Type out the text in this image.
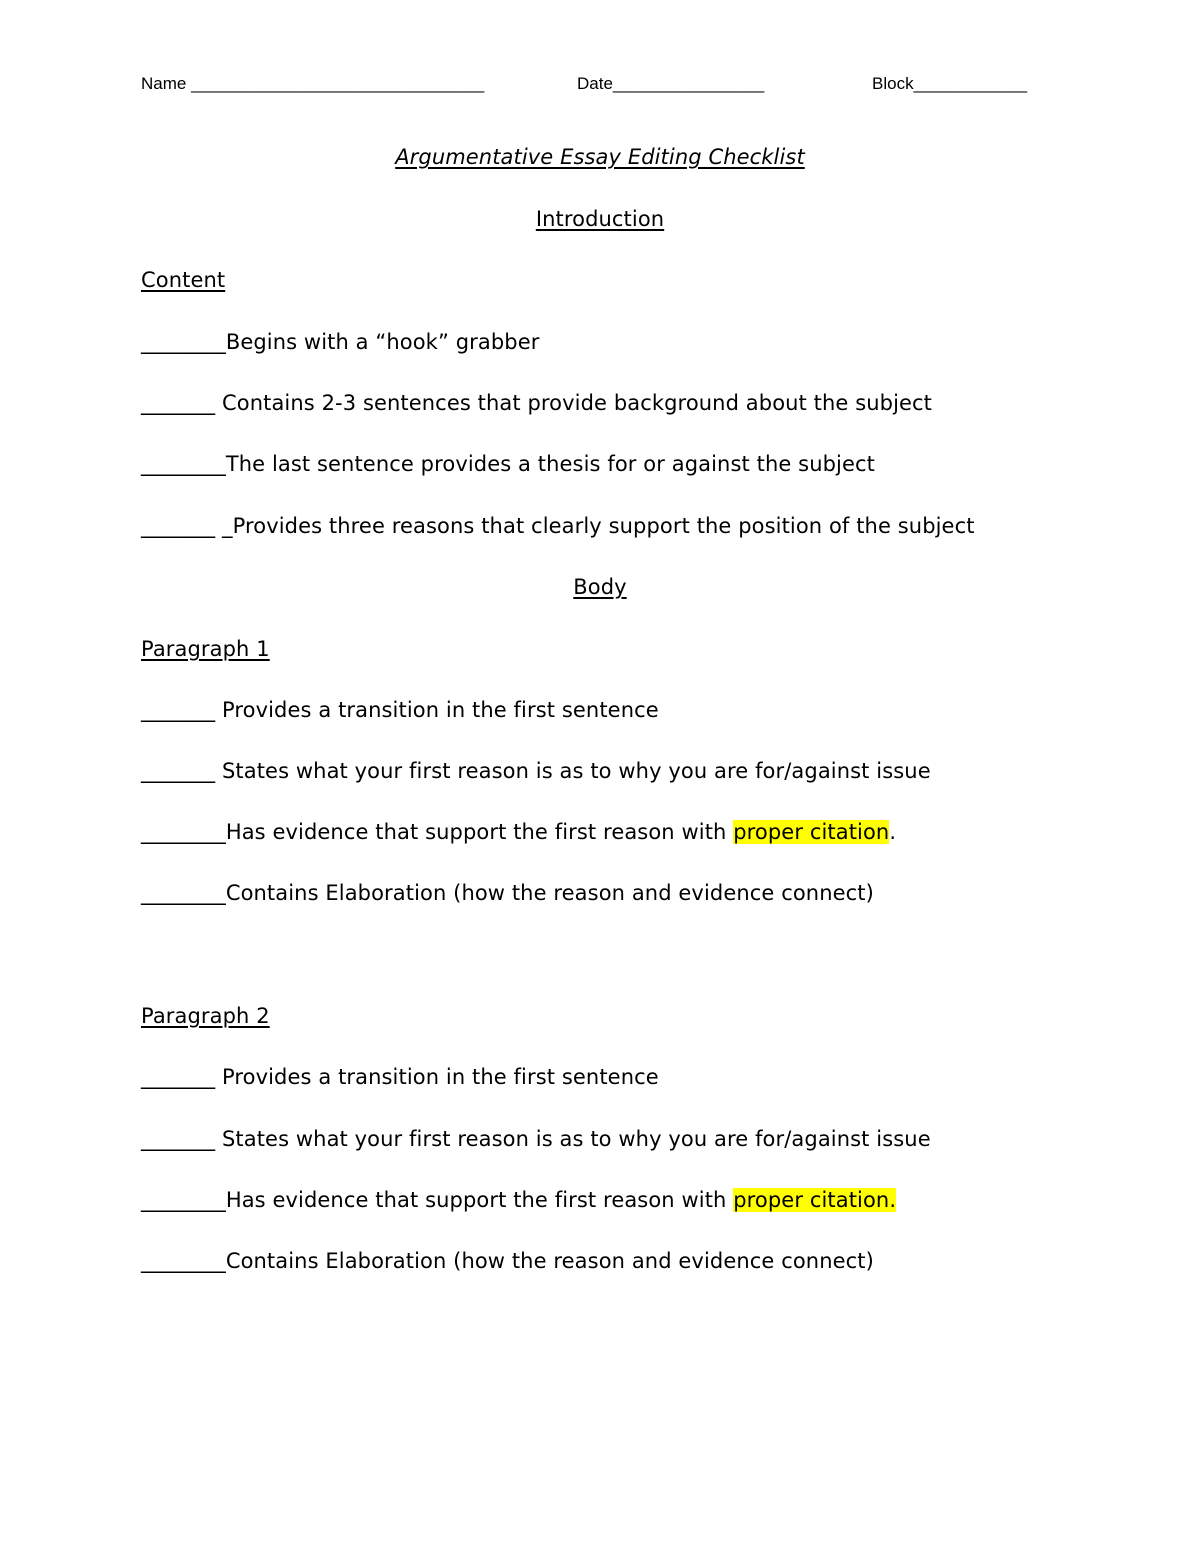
Name _______________________________	Date________________	Block____________
Argumentative Essay Editing Checklist
Introduction
Content
________Begins with a “hook” grabber
_______ Contains 2-3 sentences that provide background about the subject
________The last sentence provides a thesis for or against the subject
_______ _Provides three reasons that clearly support the position of the subject
Body
Paragraph 1
_______ Provides a transition in the first sentence
_______ States what your first reason is as to why you are for/against issue
________Has evidence that support the first reason with proper citation.
________Contains Elaboration (how the reason and evidence connect)
Paragraph 2
_______ Provides a transition in the first sentence
_______ States what your first reason is as to why you are for/against issue
________Has evidence that support the first reason with proper citation.
________Contains Elaboration (how the reason and evidence connect)
